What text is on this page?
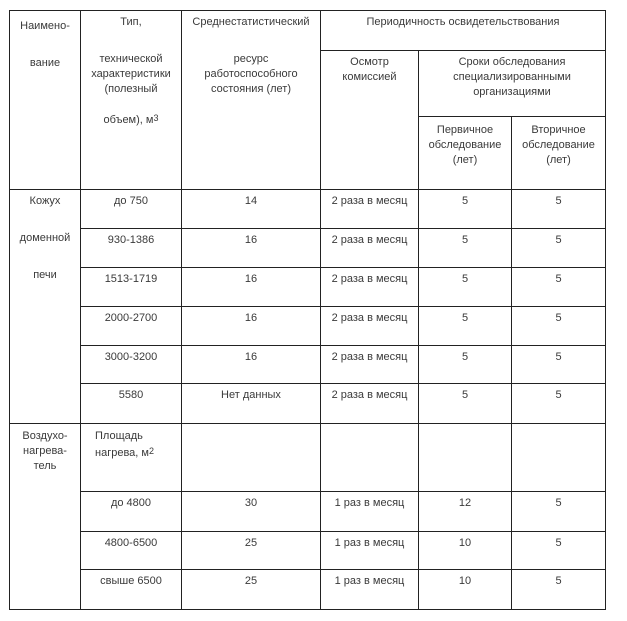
Наимено-
вание	Тип,
технической
характеристики
(полезный
объем), $м^3$	Среднестатистический
ресурс
работоспособного
состояния (лет)	Периодичность освидетельствования		

			Осмотр
комиссией	Сроки обследования
специализированными
организациями	

				Первичное
обследование
(лет)	Вторичное
обследование
(лет)

Кожух
доменной
печи	до 750	14	2 раза в месяц	5	5
	930-1386	16	2 раза в месяц	5	5
	1513-1719	16	2 раза в месяц	5	5
	2000-2700	16	2 раза в месяц	5	5
	3000-3200	16	2 раза в месяц	5	5
	5580	Нет данных	2 раза в месяц	5	5

Воздухо-
нагрева-
тель	Площадь
нагрева, $м^2$

	до 4800	30	1 раз в месяц	12	5
	4800-6500	25	1 раз в месяц	10	5
	свыше 6500	25	1 раз в месяц	10	5
